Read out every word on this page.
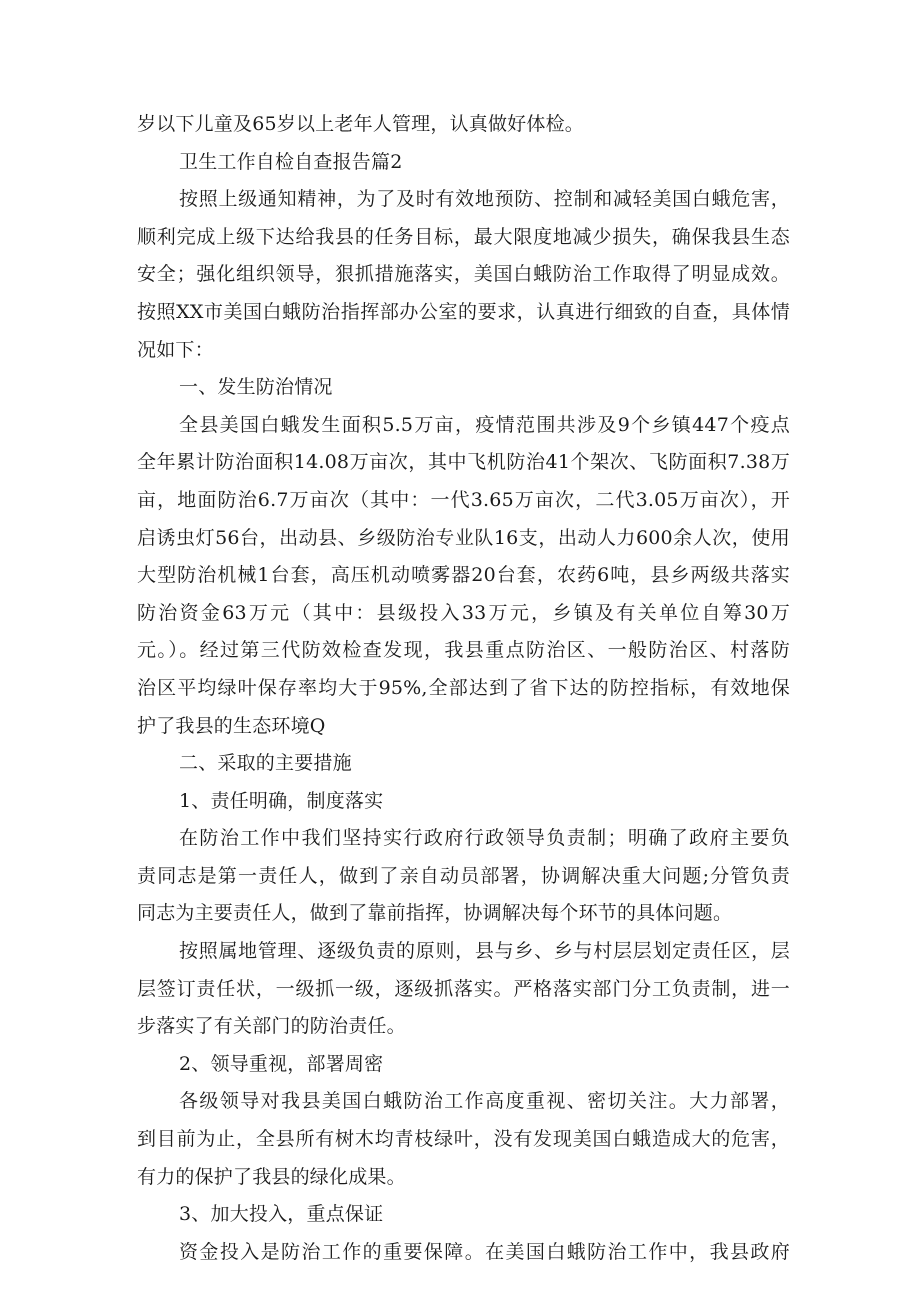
岁以下儿童及65岁以上老年人管理，认真做好体检。
卫生工作自检自查报告篇2
按照上级通知精神，为了及时有效地预防、控制和减轻美国白蛾危害，
顺利完成上级下达给我县的任务目标，最大限度地减少损失，确保我县生态
安全；强化组织领导，狠抓措施落实，美国白蛾防治工作取得了明显成效。
按照XX市美国白蛾防治指挥部办公室的要求，认真进行细致的自查，具体情
况如下：
一、发生防治情况
全县美国白蛾发生面积5.5万亩，疫情范围共涉及9个乡镇447个疫点
全年累计防治面积14.08万亩次，其中飞机防治41个架次、飞防面积7.38万
亩，地面防治6.7万亩次（其中：一代3.65万亩次，二代3.05万亩次），开
启诱虫灯56台，出动县、乡级防治专业队16支，出动人力600余人次，使用
大型防治机械1台套，高压机动喷雾器20台套，农药6吨，县乡两级共落实
防治资金63万元（其中：县级投入33万元，乡镇及有关单位自筹30万
元。）。经过第三代防效检查发现，我县重点防治区、一般防治区、村落防
治区平均绿叶保存率均大于95%,全部达到了省下达的防控指标，有效地保
护了我县的生态环境Q
二、采取的主要措施
1、责任明确，制度落实
在防治工作中我们坚持实行政府行政领导负责制；明确了政府主要负
责同志是第一责任人，做到了亲自动员部署，协调解决重大问题;分管负责
同志为主要责任人，做到了靠前指挥，协调解决每个环节的具体问题。
按照属地管理、逐级负责的原则，县与乡、乡与村层层划定责任区，层
层签订责任状，一级抓一级，逐级抓落实。严格落实部门分工负责制，进一
步落实了有关部门的防治责任。
2、领导重视，部署周密
各级领导对我县美国白蛾防治工作高度重视、密切关注。大力部署，
到目前为止，全县所有树木均青枝绿叶，没有发现美国白蛾造成大的危害，
有力的保护了我县的绿化成果。
3、加大投入，重点保证
资金投入是防治工作的重要保障。在美国白蛾防治工作中，我县政府
